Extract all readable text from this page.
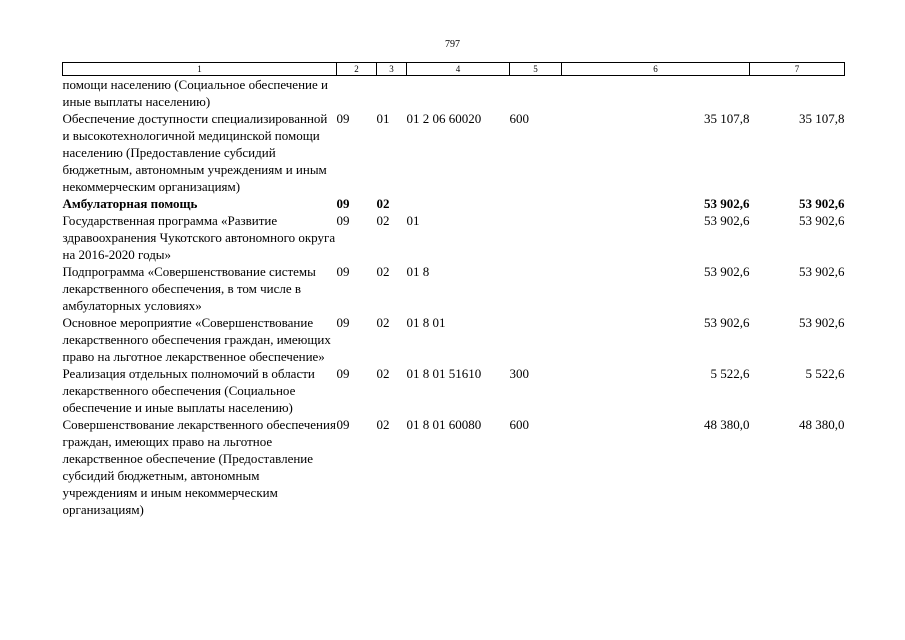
797
1	2	3	4	5	6	7
помощи населению (Социальное обеспечение и иные выплаты населению)						
Обеспечение доступности специализированной и высокотехнологичной медицинской помощи населению (Предоставление субсидий бюджетным, автономным учреждениям и иным некоммерческим организациям)	09	01	01 2 06 60020	600	35 107,8	35 107,8
Амбулаторная помощь	09	02			53 902,6	53 902,6
Государственная программа «Развитие здравоохранения Чукотского автономного округа на 2016-2020 годы»	09	02	01		53 902,6	53 902,6
Подпрограмма «Совершенствование системы лекарственного обеспечения, в том числе в амбулаторных условиях»	09	02	01 8		53 902,6	53 902,6
Основное мероприятие «Совершенствование лекарственного обеспечения граждан, имеющих право на льготное лекарственное обеспечение»	09	02	01 8 01		53 902,6	53 902,6
Реализация отдельных полномочий в области лекарственного обеспечения (Социальное обеспечение и иные выплаты населению)	09	02	01 8 01 51610	300	5 522,6	5 522,6
Совершенствование лекарственного обеспечения граждан, имеющих право на льготное лекарственное обеспечение (Предоставление субсидий бюджетным, автономным учреждениям и иным некоммерческим организациям)	09	02	01 8 01 60080	600	48 380,0	48 380,0
